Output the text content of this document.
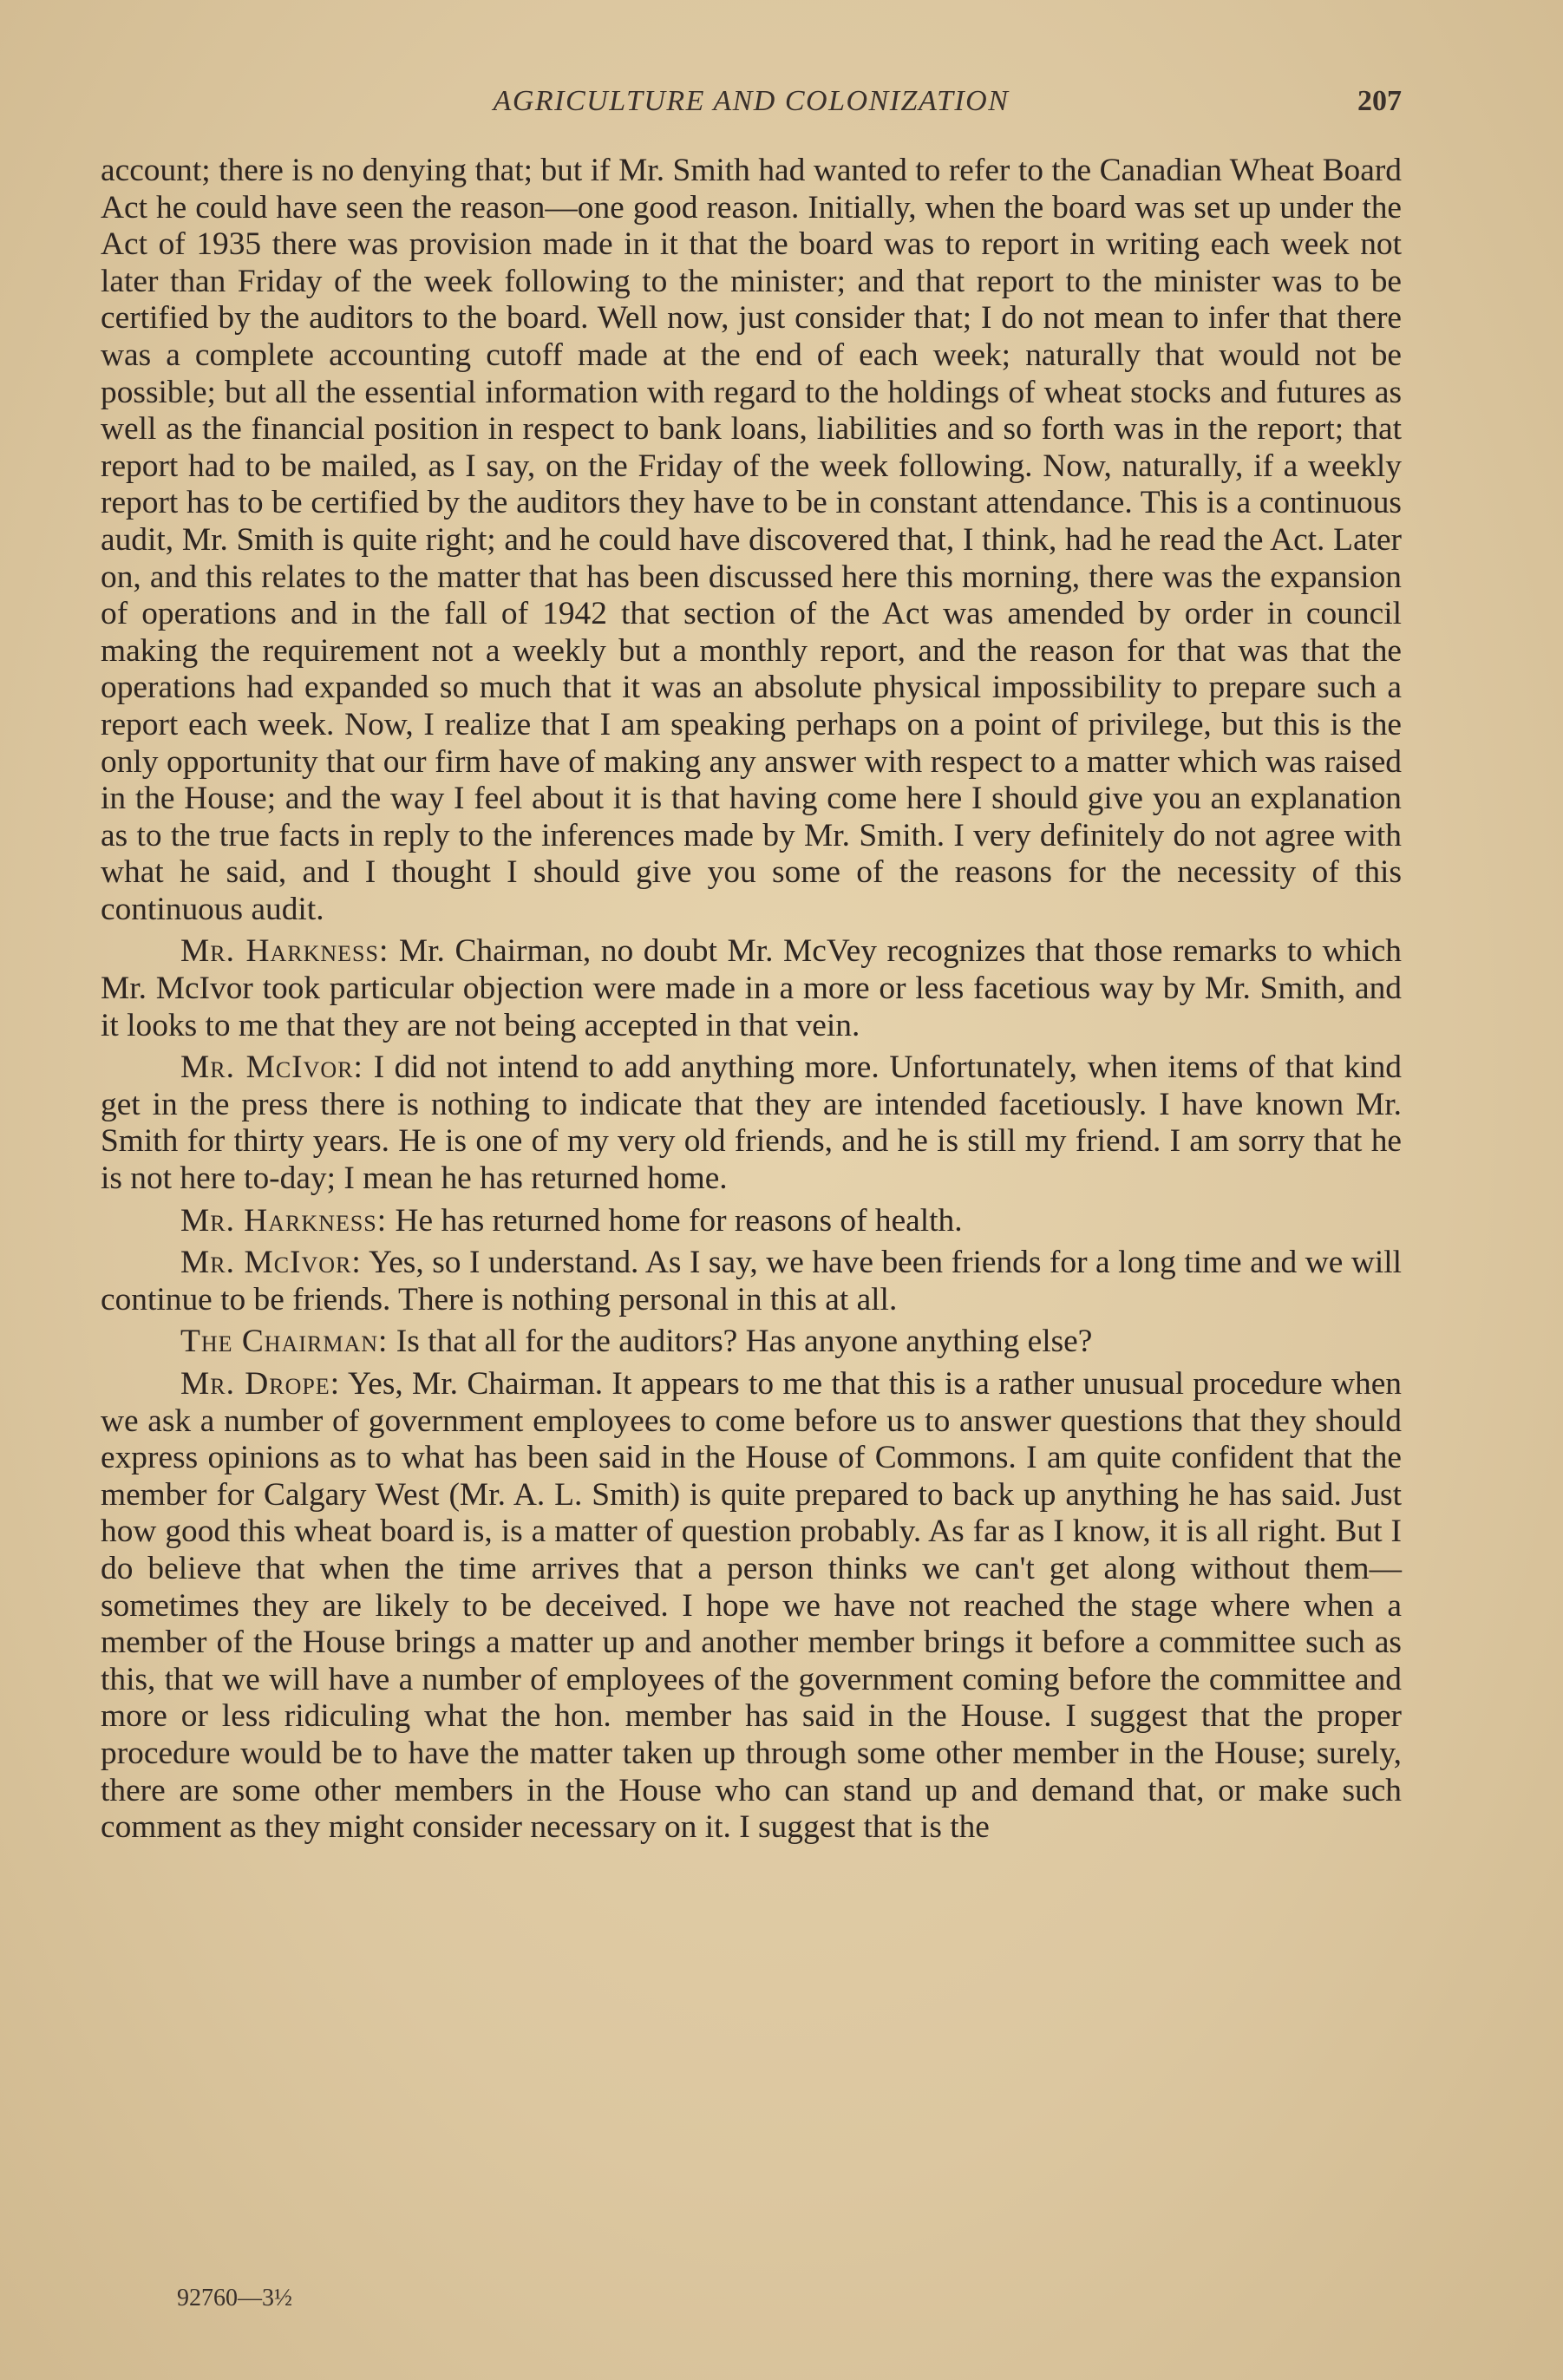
AGRICULTURE AND COLONIZATION	207

account; there is no denying that; but if Mr. Smith had wanted to refer to the Canadian Wheat Board Act he could have seen the reason—one good reason. Initially, when the board was set up under the Act of 1935 there was provision made in it that the board was to report in writing each week not later than Friday of the week following to the minister; and that report to the minister was to be certified by the auditors to the board. Well now, just consider that; I do not mean to infer that there was a complete accounting cutoff made at the end of each week; naturally that would not be possible; but all the essential information with regard to the holdings of wheat stocks and futures as well as the financial position in respect to bank loans, liabilities and so forth was in the report; that report had to be mailed, as I say, on the Friday of the week following. Now, naturally, if a weekly report has to be certified by the auditors they have to be in constant attendance. This is a continuous audit, Mr. Smith is quite right; and he could have discovered that, I think, had he read the Act. Later on, and this relates to the matter that has been discussed here this morning, there was the expansion of operations and in the fall of 1942 that section of the Act was amended by order in council making the requirement not a weekly but a monthly report, and the reason for that was that the operations had expanded so much that it was an absolute physical impossibility to prepare such a report each week. Now, I realize that I am speaking perhaps on a point of privilege, but this is the only opportunity that our firm have of making any answer with respect to a matter which was raised in the House; and the way I feel about it is that having come here I should give you an explanation as to the true facts in reply to the inferences made by Mr. Smith. I very definitely do not agree with what he said, and I thought I should give you some of the reasons for the necessity of this continuous audit.

Mr. Harkness: Mr. Chairman, no doubt Mr. McVey recognizes that those remarks to which Mr. McIvor took particular objection were made in a more or less facetious way by Mr. Smith, and it looks to me that they are not being accepted in that vein.

Mr. McIvor: I did not intend to add anything more. Unfortunately, when items of that kind get in the press there is nothing to indicate that they are intended facetiously. I have known Mr. Smith for thirty years. He is one of my very old friends, and he is still my friend. I am sorry that he is not here to-day; I mean he has returned home.

Mr. Harkness: He has returned home for reasons of health.

Mr. McIvor: Yes, so I understand. As I say, we have been friends for a long time and we will continue to be friends. There is nothing personal in this at all.

The Chairman: Is that all for the auditors? Has anyone anything else?

Mr. Drope: Yes, Mr. Chairman. It appears to me that this is a rather unusual procedure when we ask a number of government employees to come before us to answer questions that they should express opinions as to what has been said in the House of Commons. I am quite confident that the member for Calgary West (Mr. A. L. Smith) is quite prepared to back up anything he has said. Just how good this wheat board is, is a matter of question probably. As far as I know, it is all right. But I do believe that when the time arrives that a person thinks we can't get along without them—sometimes they are likely to be deceived. I hope we have not reached the stage where when a member of the House brings a matter up and another member brings it before a committee such as this, that we will have a number of employees of the government coming before the committee and more or less ridiculing what the hon. member has said in the House. I suggest that the proper procedure would be to have the matter taken up through some other member in the House; surely, there are some other members in the House who can stand up and demand that, or make such comment as they might consider necessary on it. I suggest that is the

92760—3½
